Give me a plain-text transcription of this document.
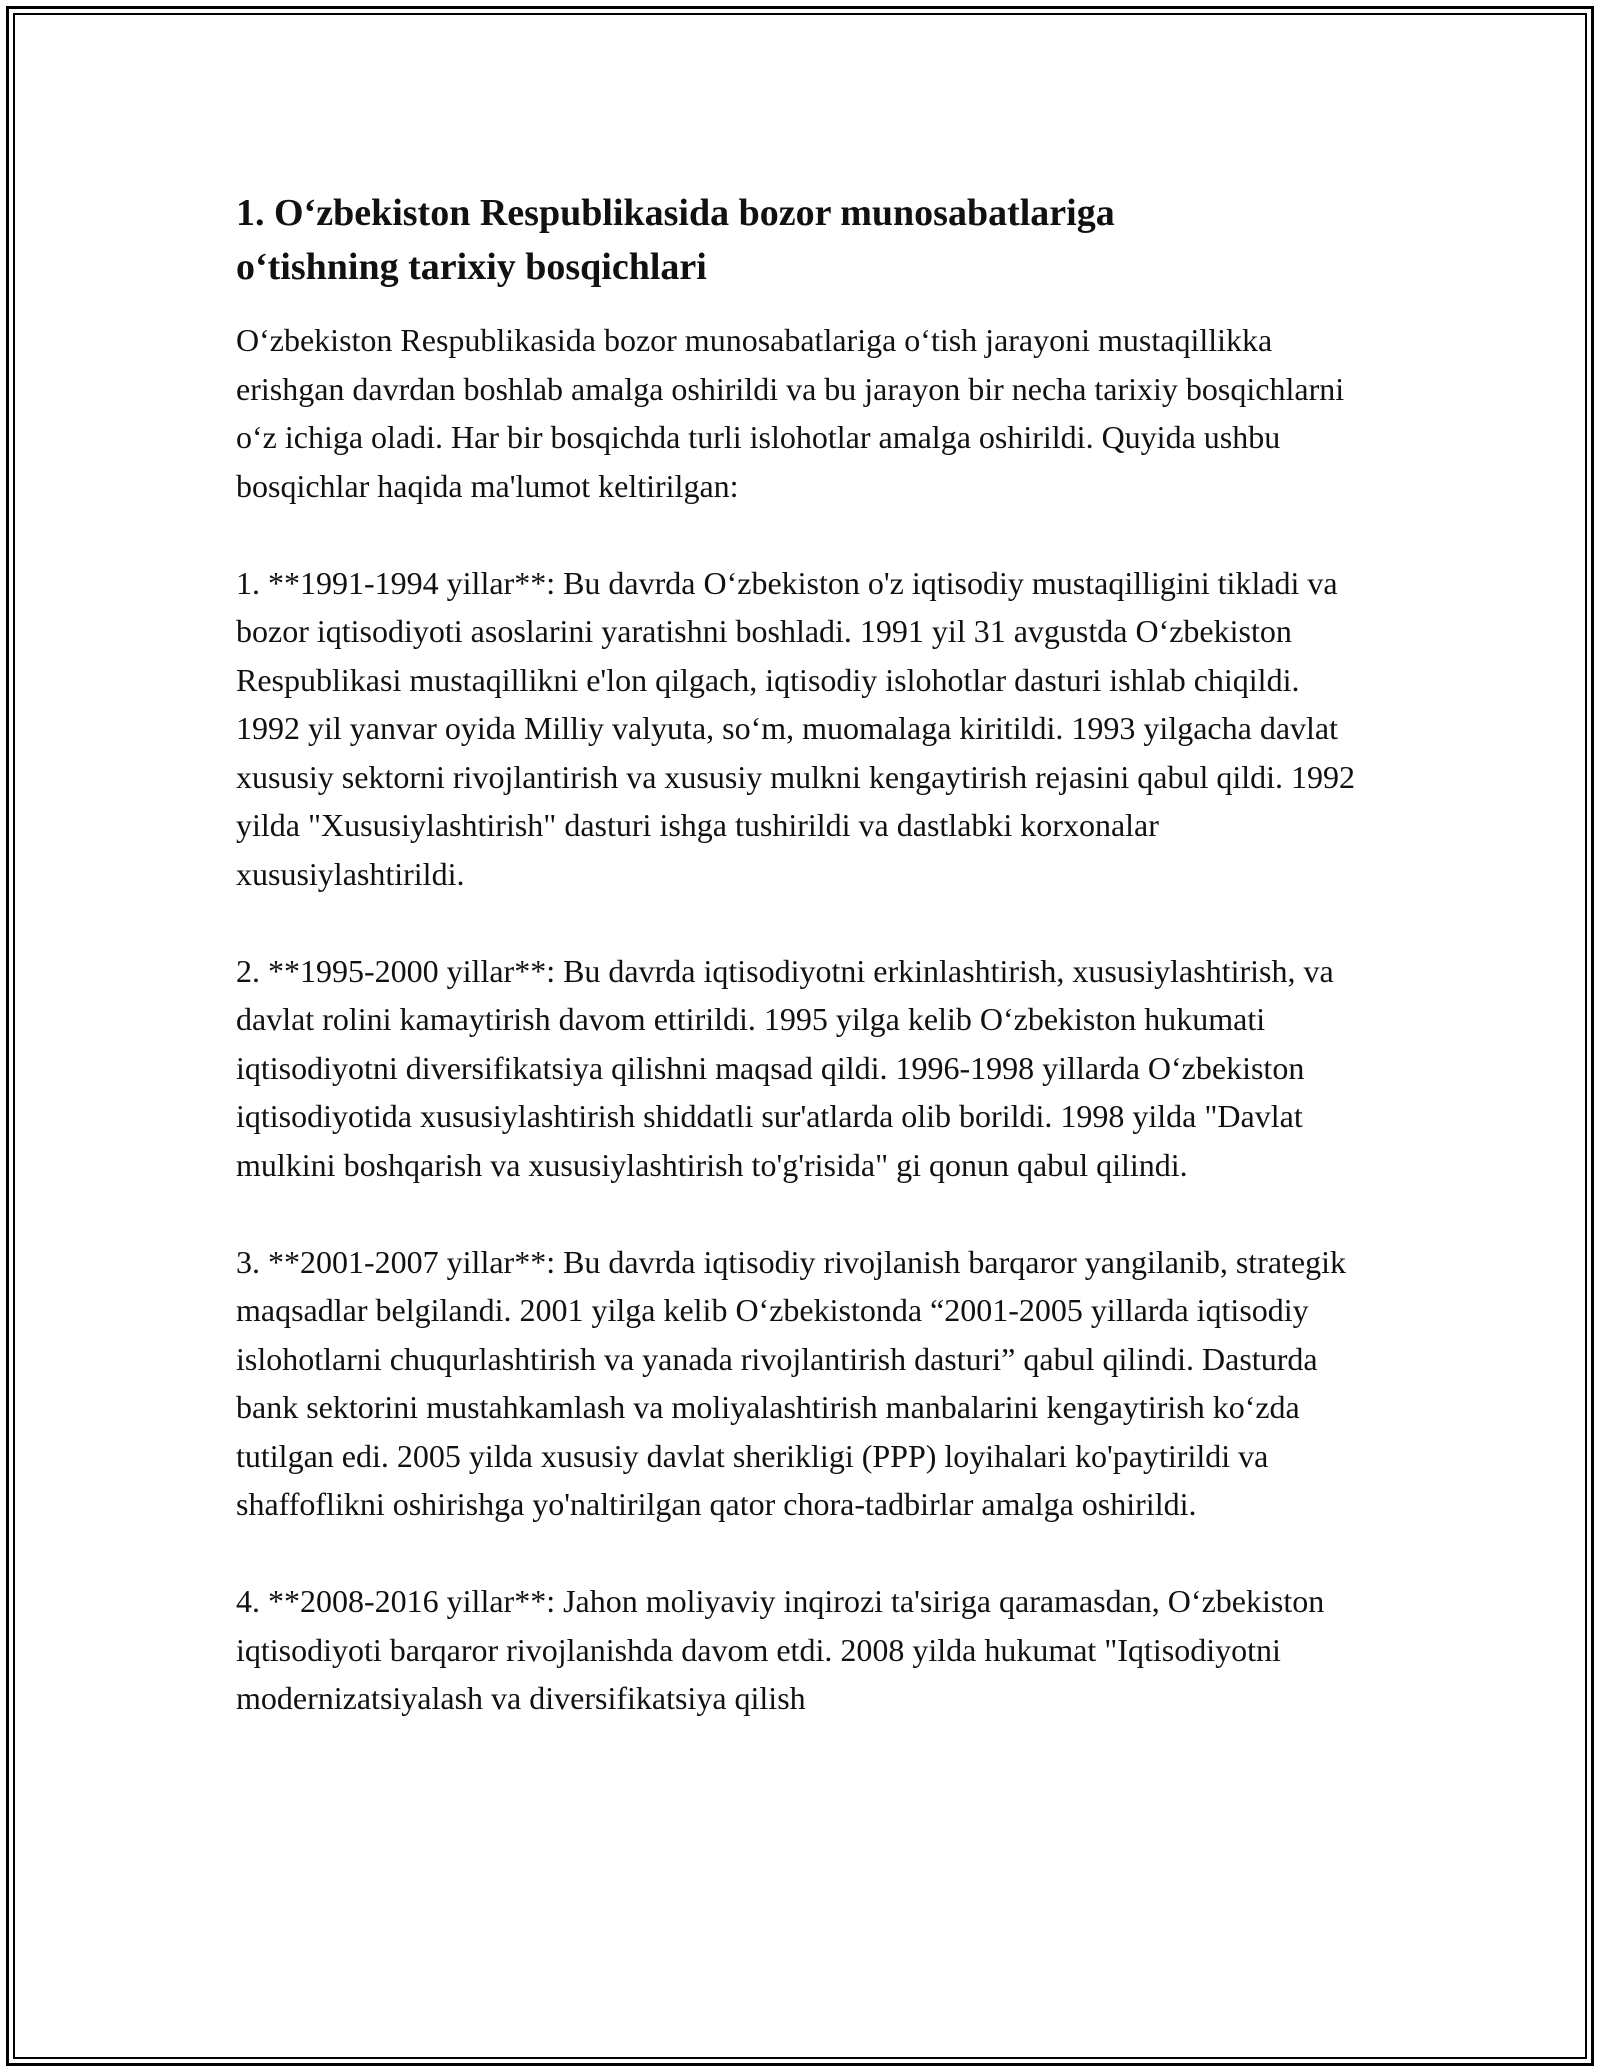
1. O‘zbekiston Respublikasida bozor munosabatlariga o‘tishning tarixiy bosqichlari

O‘zbekiston Respublikasida bozor munosabatlariga o‘tish jarayoni mustaqillikka erishgan davrdan boshlab amalga oshirildi va bu jarayon bir necha tarixiy bosqichlarni o‘z ichiga oladi. Har bir bosqichda turli islohotlar amalga oshirildi. Quyida ushbu bosqichlar haqida ma'lumot keltirilgan:

1. **1991-1994 yillar**: Bu davrda O‘zbekiston o'z iqtisodiy mustaqilligini tikladi va bozor iqtisodiyoti asoslarini yaratishni boshladi. 1991 yil 31 avgustda O‘zbekiston Respublikasi mustaqillikni e'lon qilgach, iqtisodiy islohotlar dasturi ishlab chiqildi. 1992 yil yanvar oyida Milliy valyuta, so‘m, muomalaga kiritildi. 1993 yilgacha davlat xususiy sektorni rivojlantirish va xususiy mulkni kengaytirish rejasini qabul qildi. 1992 yilda "Xususiylashtirish" dasturi ishga tushirildi va dastlabki korxonalar xususiylashtirildi.

2. **1995-2000 yillar**: Bu davrda iqtisodiyotni erkinlashtirish, xususiylashtirish, va davlat rolini kamaytirish davom ettirildi. 1995 yilga kelib O‘zbekiston hukumati iqtisodiyotni diversifikatsiya qilishni maqsad qildi. 1996-1998 yillarda O‘zbekiston iqtisodiyotida xususiylashtirish shiddatli sur'atlarda olib borildi. 1998 yilda "Davlat mulkini boshqarish va xususiylashtirish to'g'risida" gi qonun qabul qilindi.

3. **2001-2007 yillar**: Bu davrda iqtisodiy rivojlanish barqaror yangilanib, strategik maqsadlar belgilandi. 2001 yilga kelib O‘zbekistonda “2001-2005 yillarda iqtisodiy islohotlarni chuqurlashtirish va yanada rivojlantirish dasturi” qabul qilindi. Dasturda bank sektorini mustahkamlash va moliyalashtirish manbalarini kengaytirish ko‘zda tutilgan edi. 2005 yilda xususiy davlat sherikligi (PPP) loyihalari ko'paytirildi va shaffoflikni oshirishga yo'naltirilgan qator chora-tadbirlar amalga oshirildi.

4. **2008-2016 yillar**: Jahon moliyaviy inqirozi ta'siriga qaramasdan, O‘zbekiston iqtisodiyoti barqaror rivojlanishda davom etdi. 2008 yilda hukumat "Iqtisodiyotni modernizatsiyalash va diversifikatsiya qilish
